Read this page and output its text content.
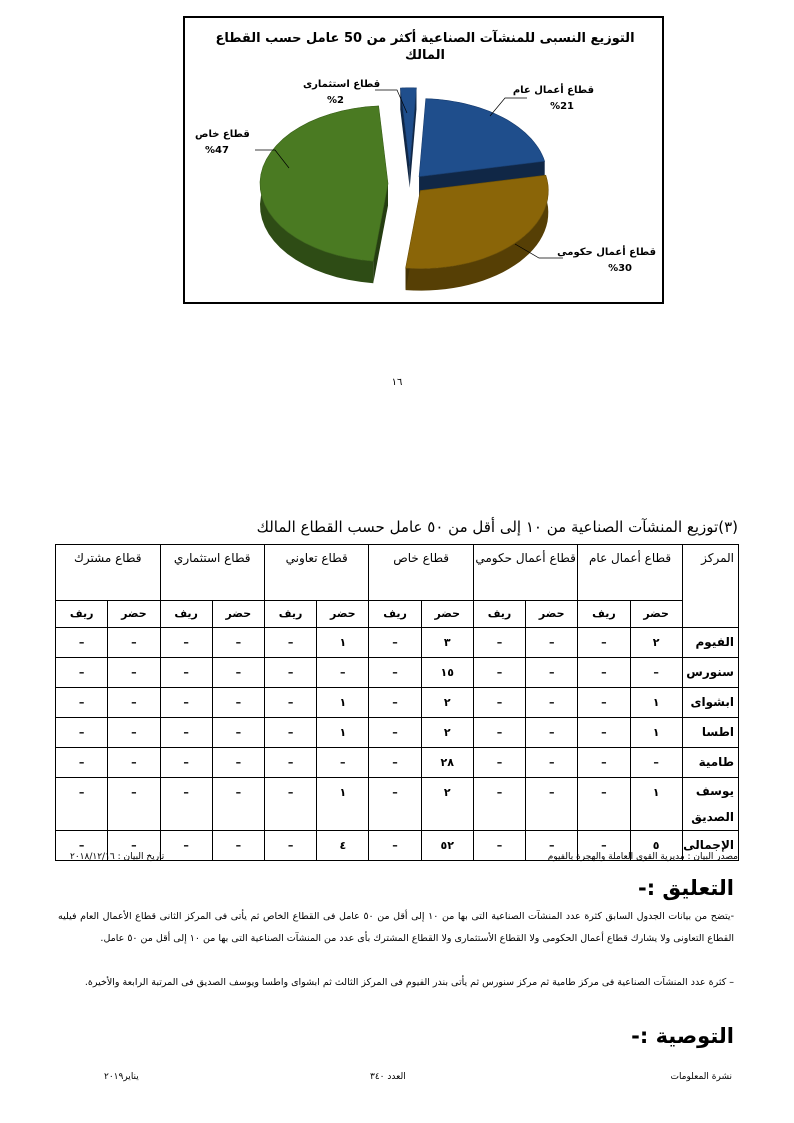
التوزيع النسبى للمنشآت الصناعية أكثر من 50 عامل حسب القطاع
المالك
قطاع أعمال عام
%21
قطاع أعمال حكومى
%30
قطاع خاص
%47
قطاع استثمارى
%2
١٦
(٣)توزيع المنشآت الصناعية من ١٠ إلى أقل من ٥٠ عامل حسب القطاع المالك
المركز	قطاع أعمال عام		قطاع أعمال حكومي		قطاع خاص		قطاع تعاوني		قطاع استثماري		قطاع مشترك	
	حضر	ريف	حضر	ريف	حضر	ريف	حضر	ريف	حضر	ريف	حضر	ريف
الفيوم	٢	–	–	–	٣	–	١	–	–	–	–	–
سنورس	–	–	–	–	١٥	–	–	–	–	–	–	–
ابشواى	١	–	–	–	٢	–	١	–	–	–	–	–
اطسا	١	–	–	–	٢	–	١	–	–	–	–	–
طامية	–	–	–	–	٢٨	–	–	–	–	–	–	–
يوسف الصديق	١	–	–	–	٢	–	١	–	–	–	–	–
الإجمالى	٥	–	–	–	٥٢	–	٤	–	–	–	–	–
مصدر البيان : مديرية القوى العاملة والهجرة بالفيوم
تاريخ البيان : ٢٠١٨/١٢/١٦
التعليق :-
-يتضح من بيانات الجدول السابق كثرة عدد المنشآت الصناعية التى بها من ١٠ إلى أقل من ٥٠ عامل فى القطاع الخاص ثم يأتى فى المركز الثانى قطاع الأعمال العام فيليه القطاع التعاونى ولا يشارك قطاع أعمال الحكومى ولا القطاع الأستثمارى ولا القطاع المشترك بأى عدد من المنشآت الصناعية التى بها من ١٠ إلى أقل من ٥٠ عامل.
– كثرة عدد المنشآت الصناعية فى مركز طامية ثم مركز سنورس ثم يأتى بندر الفيوم فى المركز الثالث ثم ابشواى واطسا ويوسف الصديق فى المرتبة الرابعة والأخيرة.
التوصية :-
نشرة المعلومات
العدد ٣٤٠
يناير٢٠١٩
